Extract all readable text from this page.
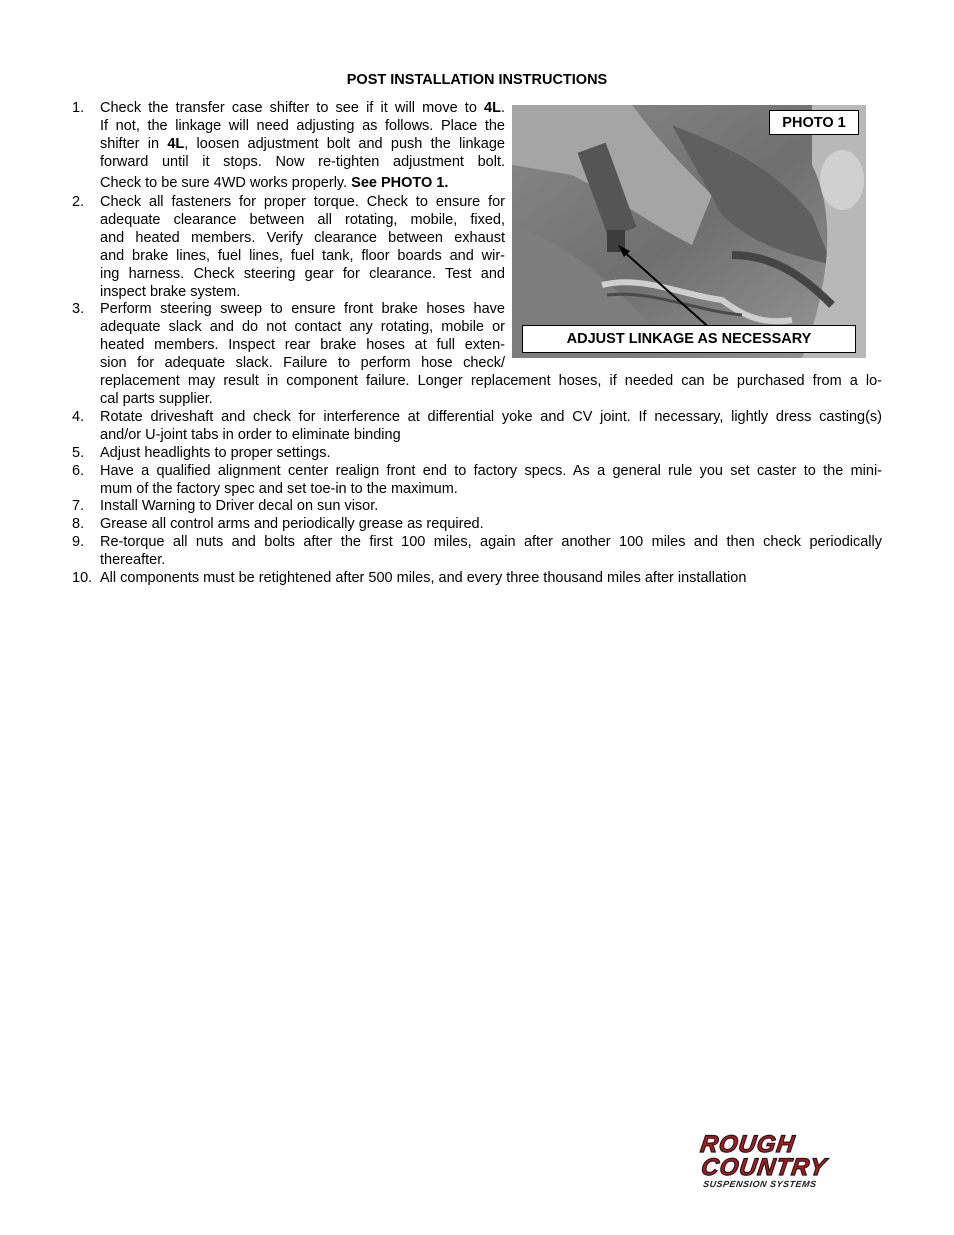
POST INSTALLATION INSTRUCTIONS
PHOTO 1
ADJUST LINKAGE AS NECESSARY
1. Check the transfer case shifter to see if it will move to 4L.
If not, the linkage will need adjusting as follows. Place the
shifter in 4L, loosen adjustment bolt and push the linkage
forward until it stops. Now re-tighten adjustment bolt.
Check to be sure 4WD works properly. See PHOTO 1.
2. Check all fasteners for proper torque. Check to ensure for
adequate clearance between all rotating, mobile, fixed,
and heated members. Verify clearance between exhaust
and brake lines, fuel lines, fuel tank, floor boards and wir-
ing harness. Check steering gear for clearance. Test and
inspect brake system.
3. Perform steering sweep to ensure front brake hoses have
adequate slack and do not contact any rotating, mobile or
heated members. Inspect rear brake hoses at full exten-
sion for adequate slack. Failure to perform hose check/
replacement may result in component failure. Longer replacement hoses, if needed can be purchased from a lo-
cal parts supplier.
4. Rotate driveshaft and check for interference at differential yoke and CV joint. If necessary, lightly dress casting(s)
and/or U-joint tabs in order to eliminate binding
5. Adjust headlights to proper settings.
6. Have a qualified alignment center realign front end to factory specs. As a general rule you set caster to the mini-
mum of the factory spec and set toe-in to the maximum.
7. Install Warning to Driver decal on sun visor.
8. Grease all control arms and periodically grease as required.
9. Re-torque all nuts and bolts after the first 100 miles, again after another 100 miles and then check periodically
thereafter.
10. All components must be retightened after 500 miles, and every three thousand miles after installation
ROUGH
COUNTRY
SUSPENSION SYSTEMS
